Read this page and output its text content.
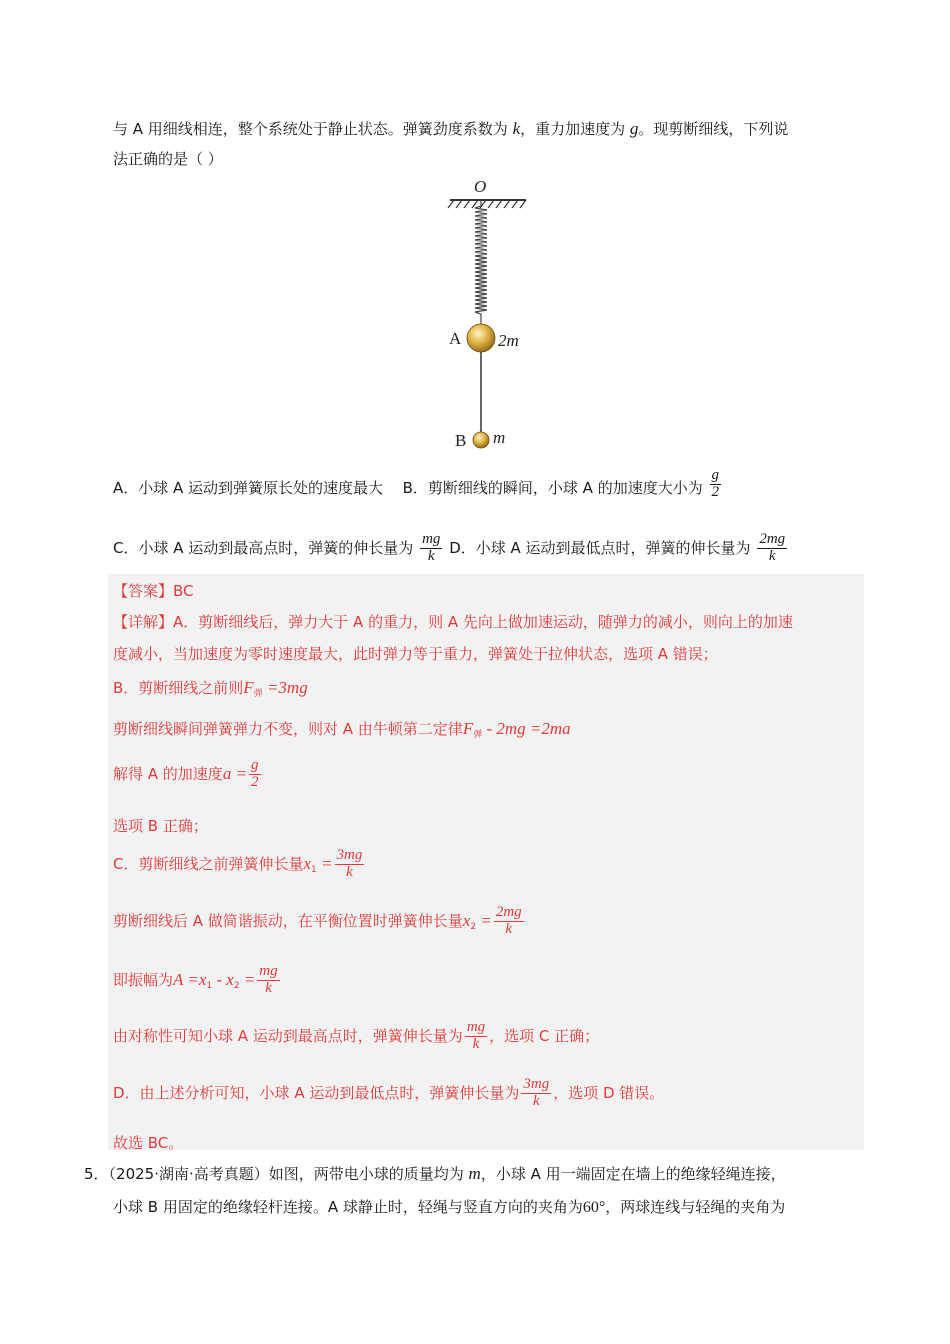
与 A 用细线相连，整个系统处于静止状态。弹簧劲度系数为 k，重力加速度为 g。现剪断细线，下列说
法正确的是（ ）
O
A 2m
B m
A．小球 A 运动到弹簧原长处的速度最大 B．剪断细线的瞬间，小球 A 的加速度大小为 $\frac{g}{2}$
C．小球 A 运动到最高点时，弹簧的伸长量为 $\frac{mg}{k}$ D．小球 A 运动到最低点时，弹簧的伸长量为 $\frac{2mg}{k}$
【答案】BC
【详解】A．剪断细线后，弹力大于 A 的重力，则 A 先向上做加速运动，随弹力的减小，则向上的加速
度减小，当加速度为零时速度最大，此时弹力等于重力，弹簧处于拉伸状态，选项 A 错误；
B．剪断细线之前则$F_弹 =3mg$
剪断细线瞬间弹簧弹力不变，则对 A 由牛顿第二定律$F_弹 - 2mg =2ma$
解得 A 的加速度$a = \frac{g}{2}$
选项 B 正确；
C．剪断细线之前弹簧伸长量$x_1 = \frac{3mg}{k}$
剪断细线后 A 做简谐振动，在平衡位置时弹簧伸长量$x_2 = \frac{2mg}{k}$
即振幅为$A =x_1 - x_2 = \frac{mg}{k}$
由对称性可知小球 A 运动到最高点时，弹簧伸长量为 $\frac{mg}{k}$ ，选项 C 正确；
D．由上述分析可知，小球 A 运动到最低点时，弹簧伸长量为 $\frac{3mg}{k}$ ，选项 D 错误。
故选 BC。
5．（2025·湖南·高考真题）如图，两带电小球的质量均为 m，小球 A 用一端固定在墙上的绝缘轻绳连接，
小球 B 用固定的绝缘轻杆连接。A 球静止时，轻绳与竖直方向的夹角为60°，两球连线与轻绳的夹角为
